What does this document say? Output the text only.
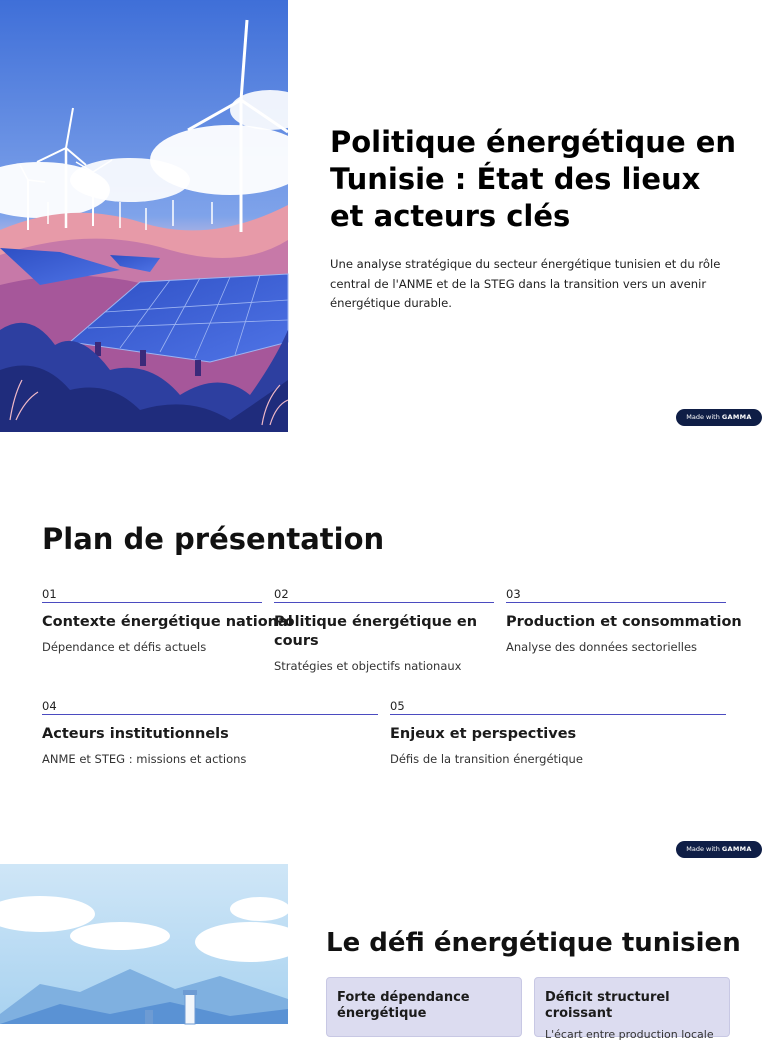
Politique énergétique en Tunisie : État des lieux et acteurs clés

Une analyse stratégique du secteur énergétique tunisien et du rôle central de l'ANME et de la STEG dans la transition vers un avenir énergétique durable.

Made with GAMMA
Plan de présentation
01
Contexte énergétique national
Dépendance et défis actuels
02
Politique énergétique en cours
Stratégies et objectifs nationaux
03
Production et consommation
Analyse des données sectorielles
04
Acteurs institutionnels
ANME et STEG : missions et actions
05
Enjeux et perspectives
Défis de la transition énergétique
Made with GAMMA
Le défi énergétique tunisien
Forte dépendance énergétique
Déficit structurel croissant
L'écart entre production locale
